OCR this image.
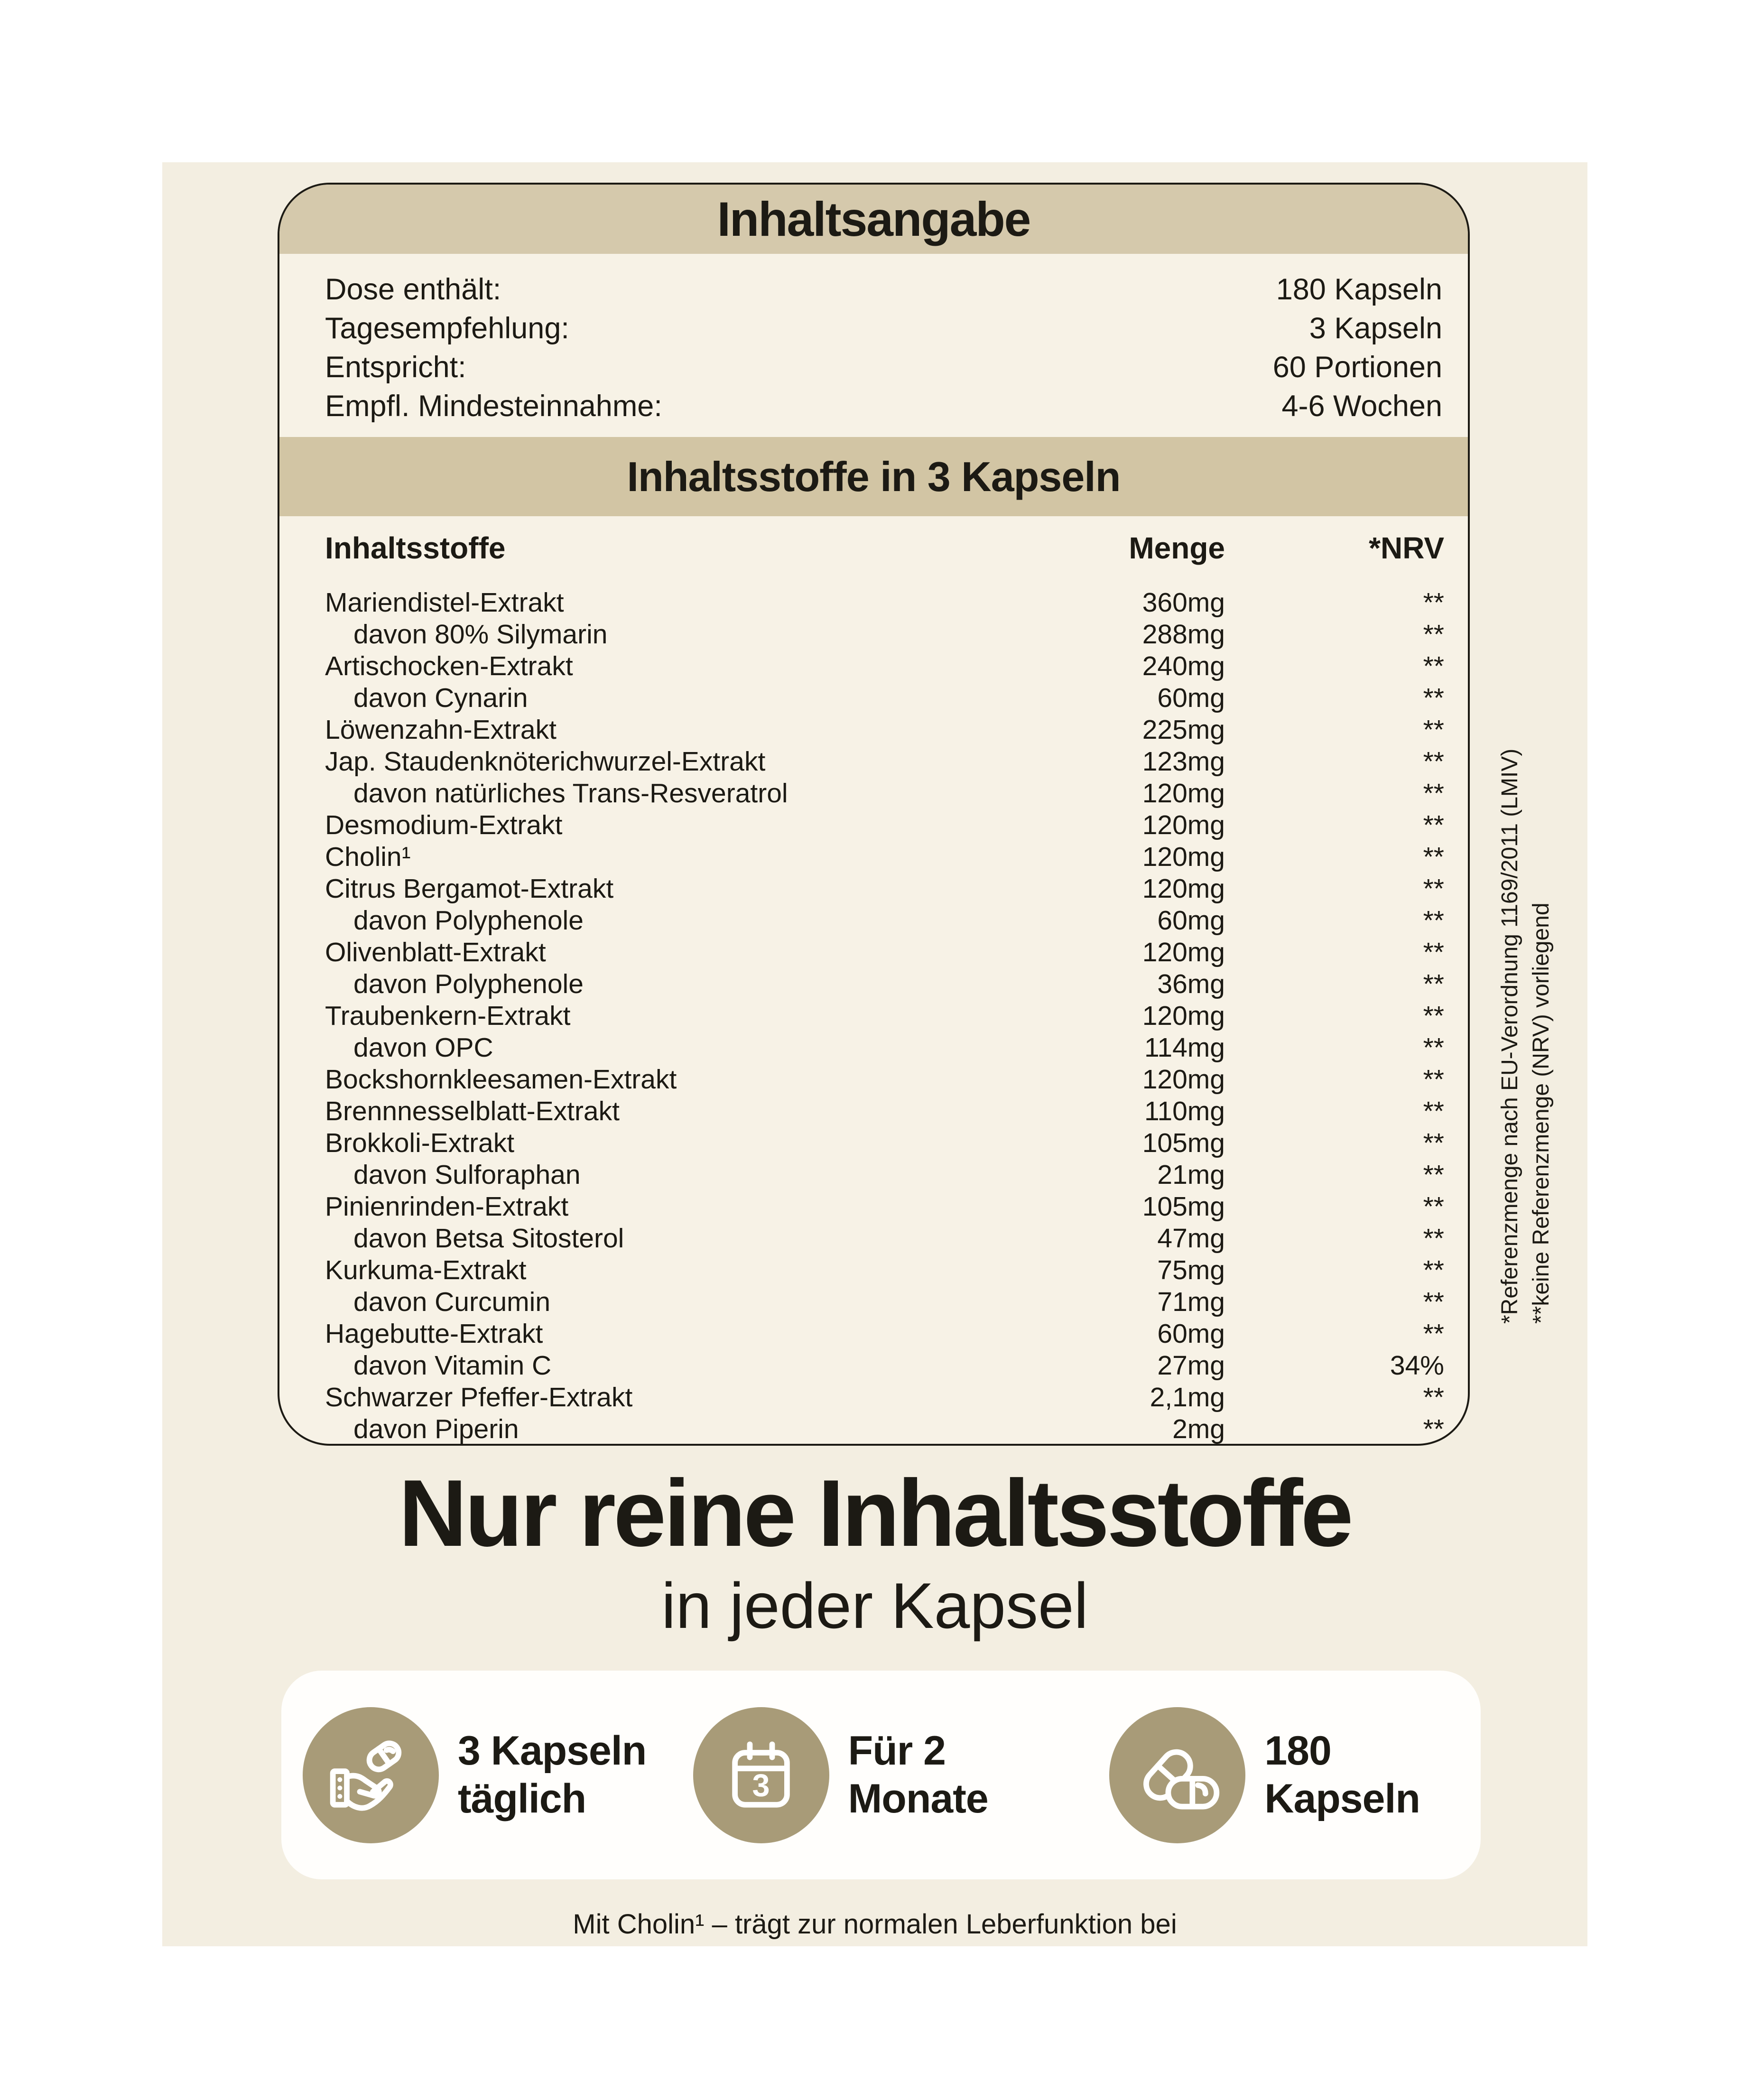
Inhaltsangabe
Dose enthält:	180 Kapseln
Tagesempfehlung:	3 Kapseln
Entspricht:	60 Portionen
Empfl. Mindesteinnahme:	4-6 Wochen
Inhaltsstoffe in 3 Kapseln
Inhaltsstoffe	Menge	*NRV
Mariendistel-Extrakt	360mg	**
davon 80% Silymarin	288mg	**
Artischocken-Extrakt	240mg	**
davon Cynarin	60mg	**
Löwenzahn-Extrakt	225mg	**
Jap. Staudenknöterichwurzel-Extrakt	123mg	**
davon natürliches Trans-Resveratrol	120mg	**
Desmodium-Extrakt	120mg	**
Cholin¹	120mg	**
Citrus Bergamot-Extrakt	120mg	**
davon Polyphenole	60mg	**
Olivenblatt-Extrakt	120mg	**
davon Polyphenole	36mg	**
Traubenkern-Extrakt	120mg	**
davon OPC	114mg	**
Bockshornkleesamen-Extrakt	120mg	**
Brennnesselblatt-Extrakt	110mg	**
Brokkoli-Extrakt	105mg	**
davon Sulforaphan	21mg	**
Pinienrinden-Extrakt	105mg	**
davon Betsa Sitosterol	47mg	**
Kurkuma-Extrakt	75mg	**
davon Curcumin	71mg	**
Hagebutte-Extrakt	60mg	**
davon Vitamin C	27mg	34%
Schwarzer Pfeffer-Extrakt	2,1mg	**
davon Piperin	2mg	**
*Referenzmenge nach EU-Verordnung 1169/2011 (LMIV) **keine Referenzmenge (NRV) vorliegend
Nur reine Inhaltsstoffe
in jeder Kapsel
3 Kapseln
täglich	3
Für 2
Monate
180
Kapseln
Mit Cholin¹ – trägt zur normalen Leberfunktion bei
